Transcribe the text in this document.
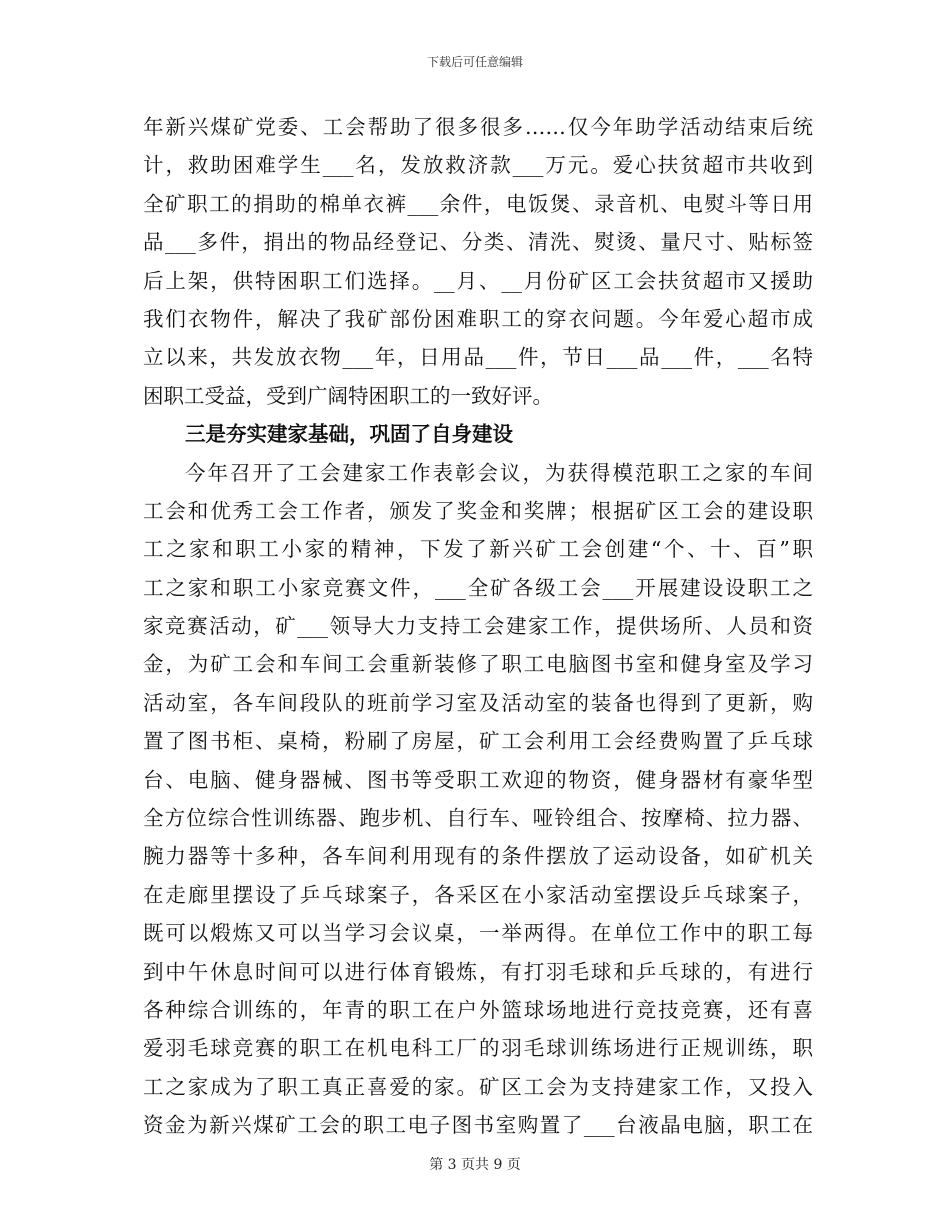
下载后可任意编辑
年新兴煤矿党委、工会帮助了很多很多……仅今年助学活动结束后统
计，救助困难学生___名，发放救济款___万元。爱心扶贫超市共收到
全矿职工的捐助的棉单衣裤___余件，电饭煲、录音机、电熨斗等日用
品___多件，捐出的物品经登记、分类、清洗、熨烫、量尺寸、贴标签
后上架，供特困职工们选择。__月、__月份矿区工会扶贫超市又援助
我们衣物件，解决了我矿部份困难职工的穿衣问题。今年爱心超市成
立以来，共发放衣物___年，日用品___件，节日___品___件，___名特
困职工受益，受到广阔特困职工的一致好评。
三是夯实建家基础，巩固了自身建设
今年召开了工会建家工作表彰会议，为获得模范职工之家的车间
工会和优秀工会工作者，颁发了奖金和奖牌；根据矿区工会的建设职
工之家和职工小家的精神，下发了新兴矿工会创建“个、十、百”职
工之家和职工小家竞赛文件，___全矿各级工会___开展建设设职工之
家竞赛活动，矿___领导大力支持工会建家工作，提供场所、人员和资
金，为矿工会和车间工会重新装修了职工电脑图书室和健身室及学习
活动室，各车间段队的班前学习室及活动室的装备也得到了更新，购
置了图书柜、桌椅，粉刷了房屋，矿工会利用工会经费购置了乒乓球
台、电脑、健身器械、图书等受职工欢迎的物资，健身器材有豪华型
全方位综合性训练器、跑步机、自行车、哑铃组合、按摩椅、拉力器、
腕力器等十多种，各车间利用现有的条件摆放了运动设备，如矿机关
在走廊里摆设了乒乓球案子，各采区在小家活动室摆设乒乓球案子，
既可以煅炼又可以当学习会议桌，一举两得。在单位工作中的职工每
到中午休息时间可以进行体育锻炼，有打羽毛球和乒乓球的，有进行
各种综合训练的，年青的职工在户外篮球场地进行竞技竞赛，还有喜
爱羽毛球竞赛的职工在机电科工厂的羽毛球训练场进行正规训练，职
工之家成为了职工真正喜爱的家。矿区工会为支持建家工作，又投入
资金为新兴煤矿工会的职工电子图书室购置了___台液晶电脑，职工在
第 3 页共 9 页
